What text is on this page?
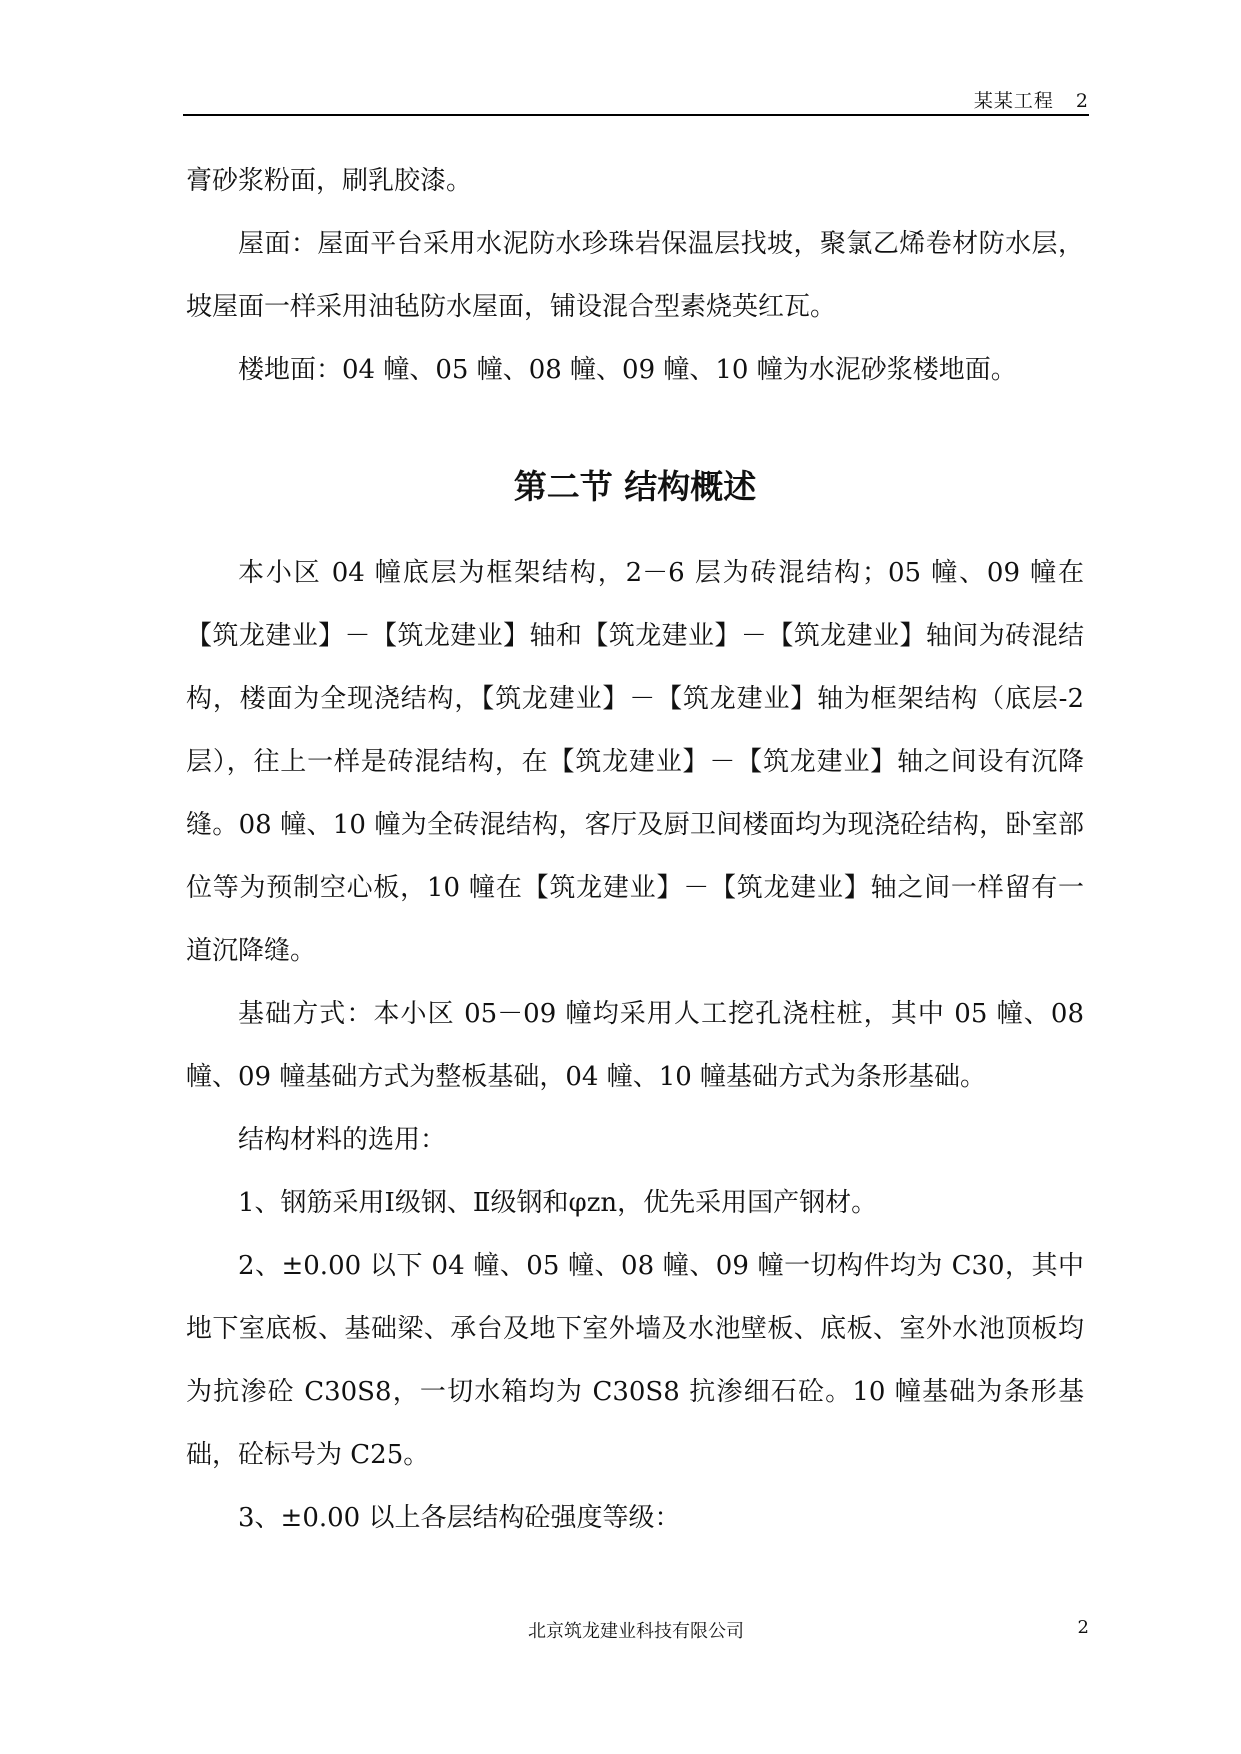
某某工程 2

膏砂浆粉面，刷乳胶漆。

屋面：屋面平台采用水泥防水珍珠岩保温层找坡，聚氯乙烯卷材防水层，坡屋面一样采用油毡防水屋面，铺设混合型素烧英红瓦。

楼地面：04 幢、05 幢、08 幢、09 幢、10 幢为水泥砂浆楼地面。

第二节 结构概述

本小区 04 幢底层为框架结构，2－6 层为砖混结构；05 幢、09 幢在【筑龙建业】－【筑龙建业】轴和【筑龙建业】－【筑龙建业】轴间为砖混结构，楼面为全现浇结构，【筑龙建业】－【筑龙建业】轴为框架结构（底层-2 层），往上一样是砖混结构，在【筑龙建业】－【筑龙建业】轴之间设有沉降缝。08 幢、10 幢为全砖混结构，客厅及厨卫间楼面均为现浇砼结构，卧室部位等为预制空心板，10 幢在【筑龙建业】－【筑龙建业】轴之间一样留有一道沉降缝。

基础方式：本小区 05－09 幢均采用人工挖孔浇柱桩，其中 05 幢、08 幢、09 幢基础方式为整板基础，04 幢、10 幢基础方式为条形基础。

结构材料的选用：

1、钢筋采用Ⅰ级钢、Ⅱ级钢和φzn，优先采用国产钢材。

2、±0.00 以下 04 幢、05 幢、08 幢、09 幢一切构件均为 C30，其中地下室底板、基础梁、承台及地下室外墙及水池壁板、底板、室外水池顶板均为抗渗砼 C30S8，一切水箱均为 C30S8 抗渗细石砼。10 幢基础为条形基础，砼标号为 C25。

3、±0.00 以上各层结构砼强度等级：

北京筑龙建业科技有限公司	2
